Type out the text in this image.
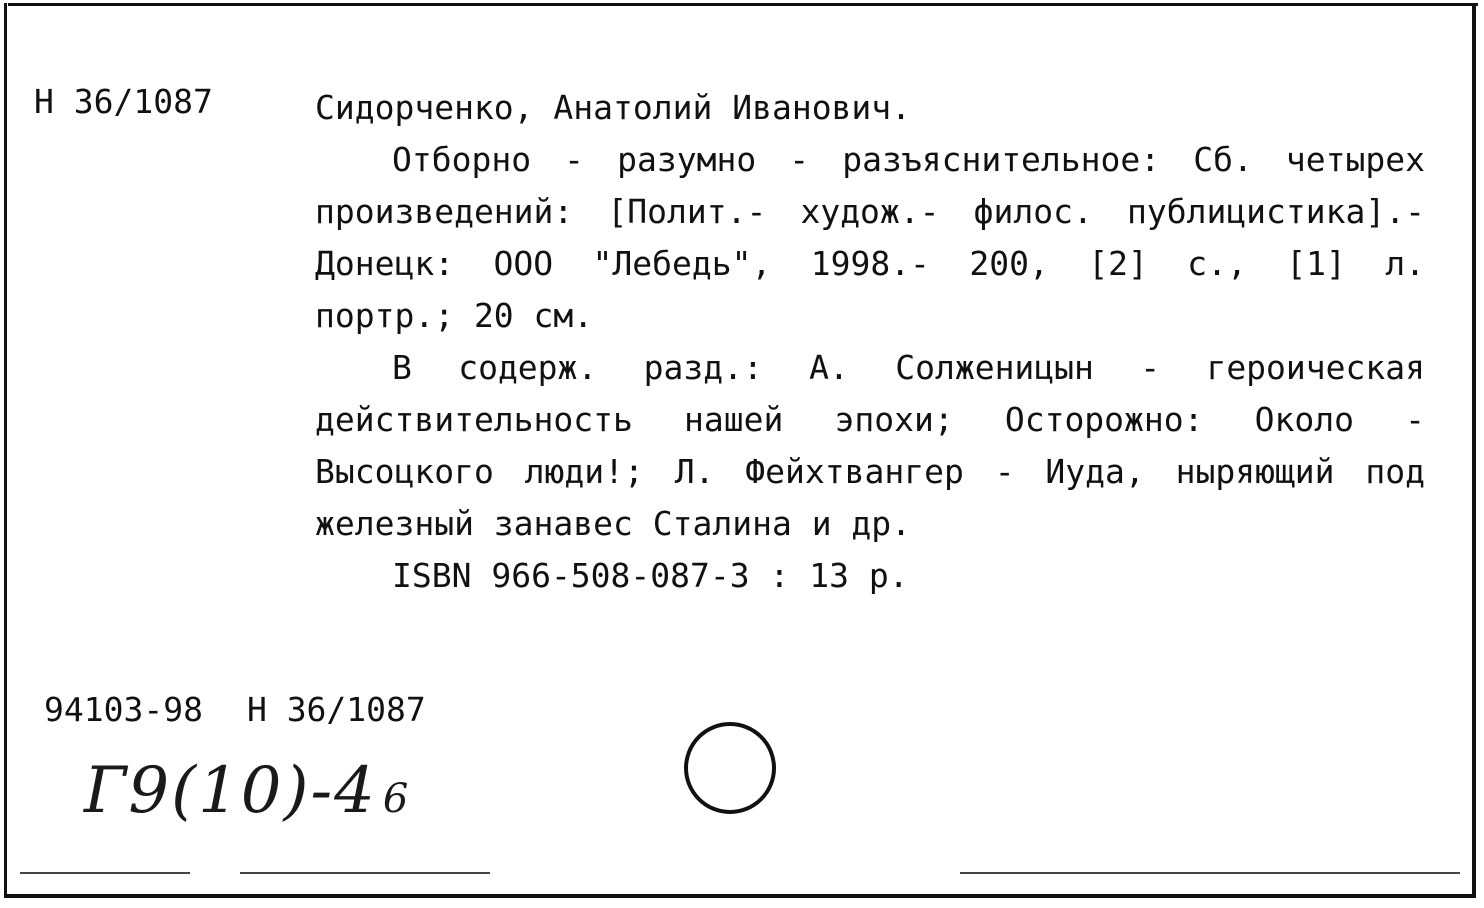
Н 36/1087	Сидорченко, Анатолий Иванович.

Отборно - разумно - разъяснительное: Сб. четырех произведений: [Полит.- худож.- филос. публицистика].- Донецк: ООО "Лебедь", 1998.- 200, [2] с., [1] л. портр.; 20 см.

В содерж. разд.: А. Солженицын - героическая действительность нашей эпохи; Осторожно: Около - Высоцкого люди!; Л. Фейхтвангер - Иуда, ныряющий под железный занавес Сталина и др.

ISBN 966-508-087-3 : 13 р.

94103-98 Н 36/1087
Г9(10)-4 6
